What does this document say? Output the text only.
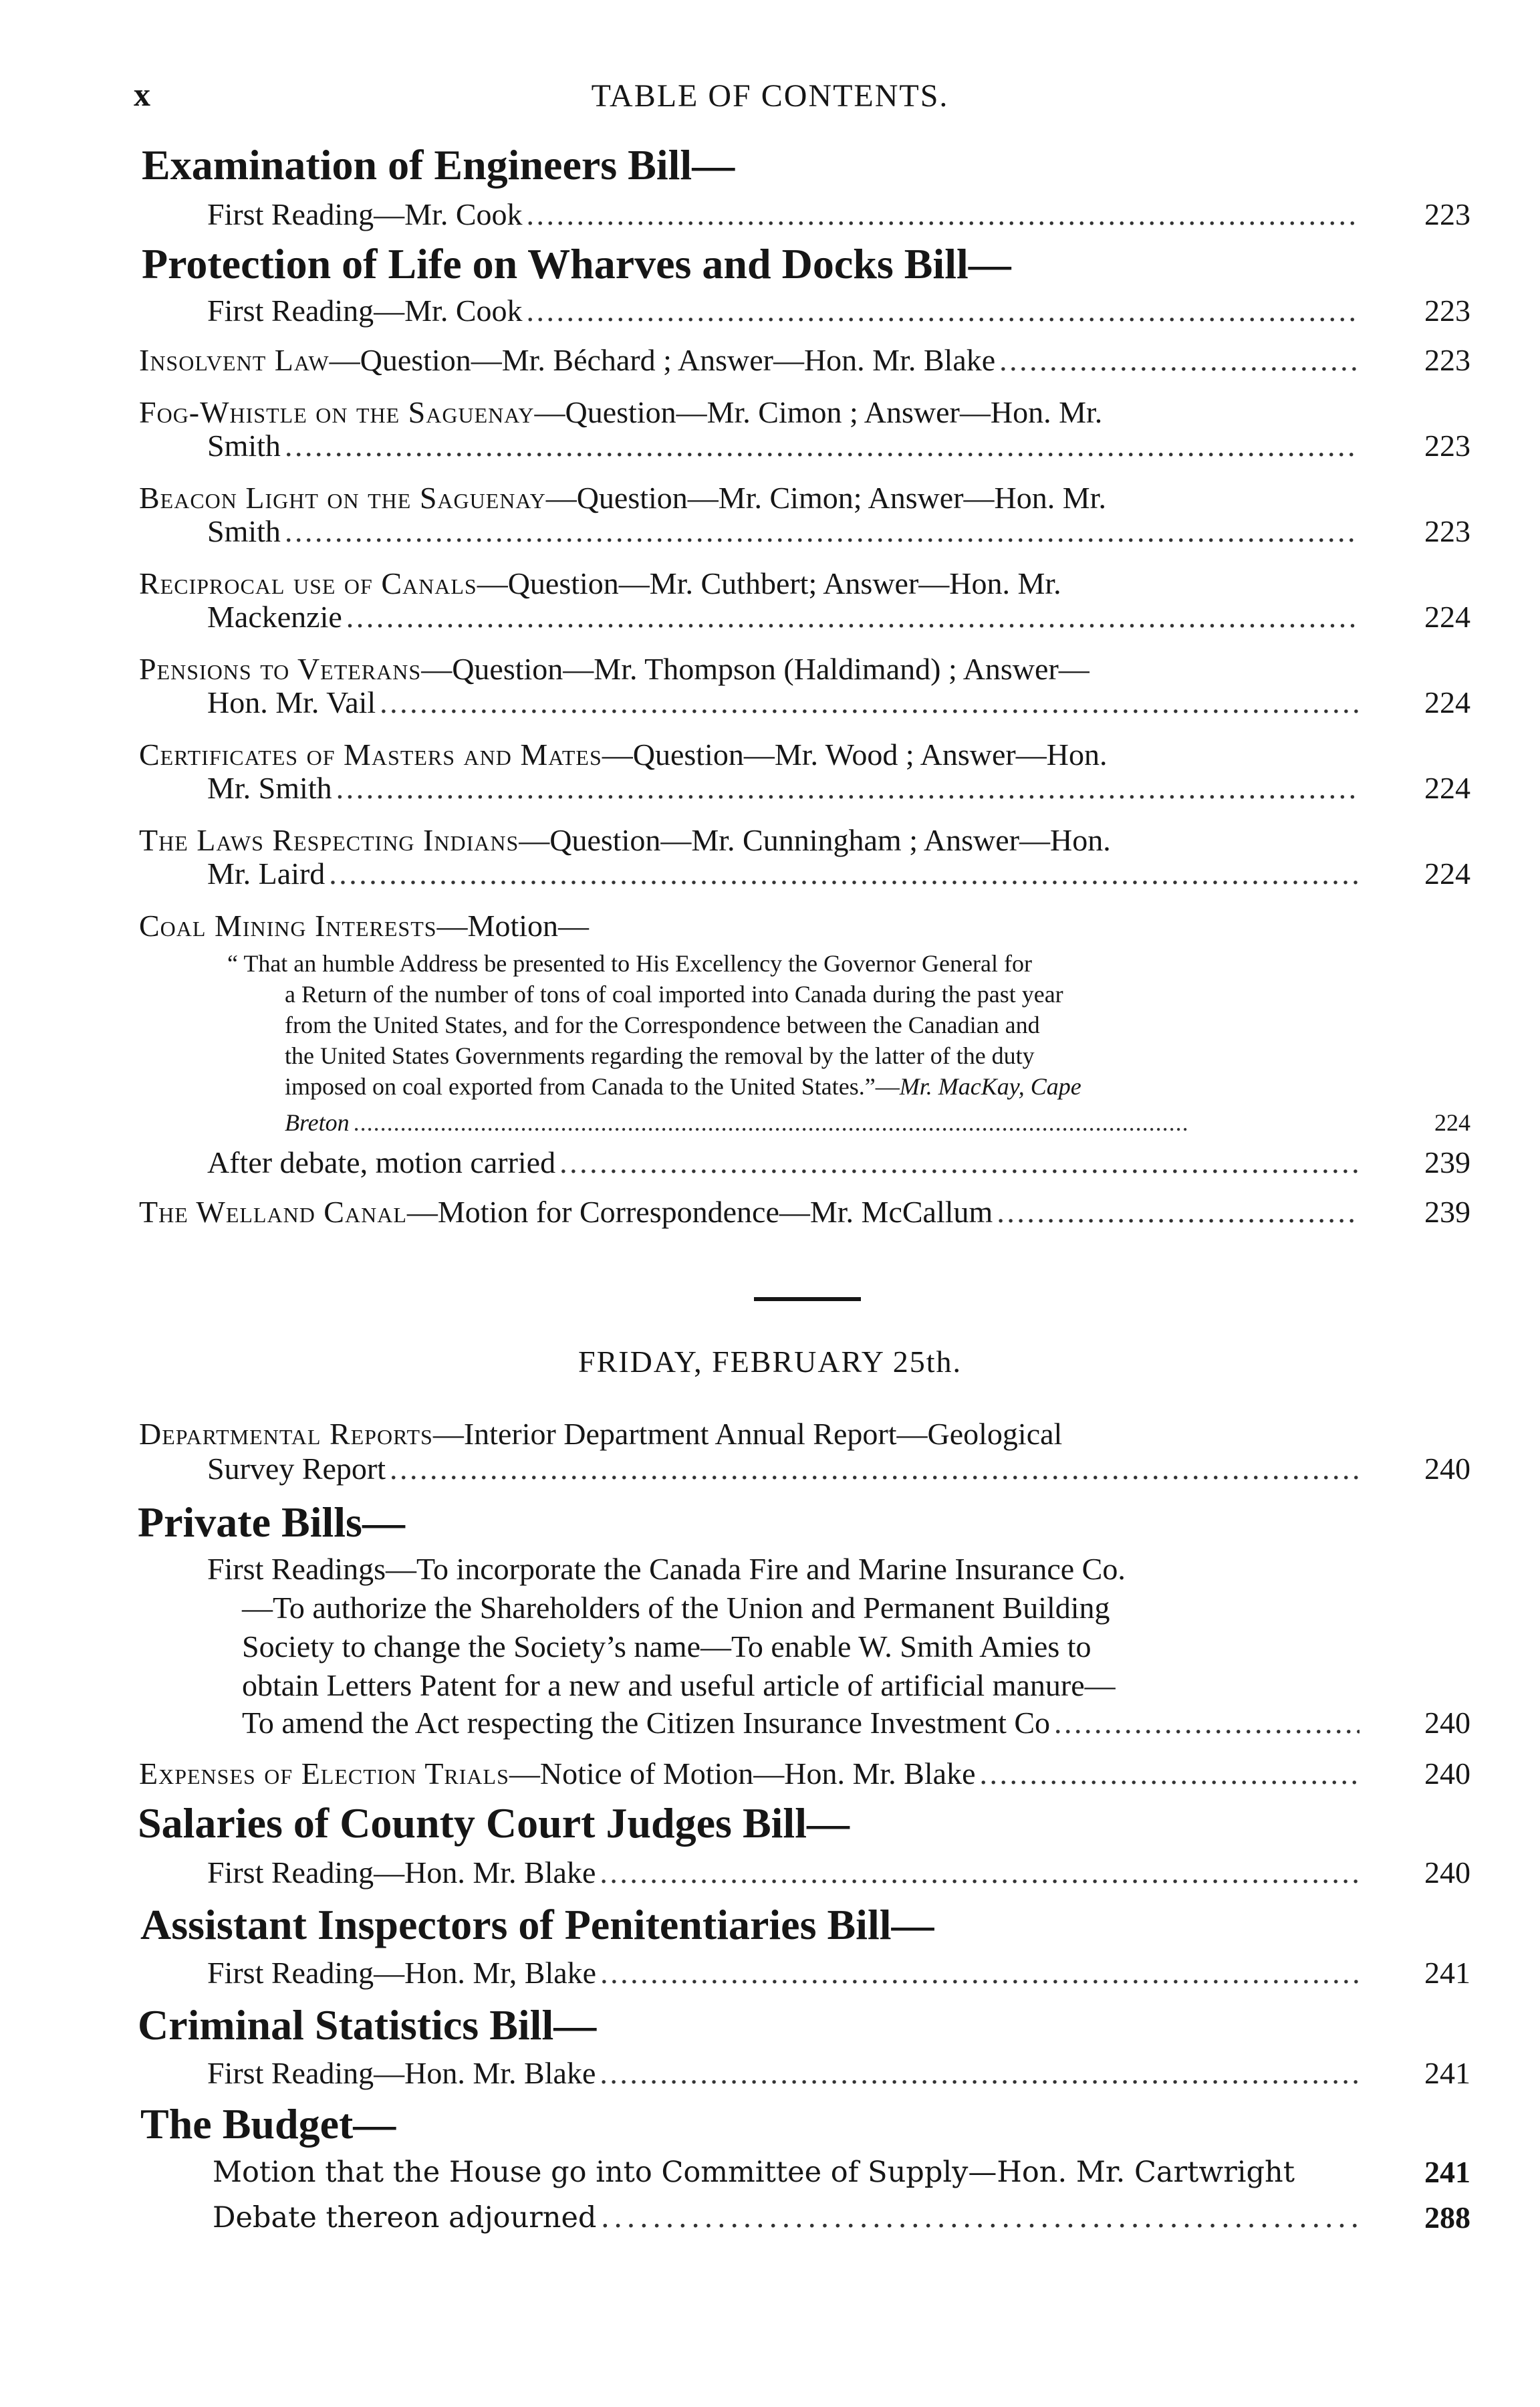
x	TABLE OF CONTENTS.
Examination of Engineers Bill—
First Reading—Mr. Cook . . .	223
Protection of Life on Wharves and Docks Bill—
First Reading—Mr. Cook . . .	223
Insolvent Law—Question—Mr. Béchard ; Answer—Hon. Mr. Blake . . .	223
Fog-Whistle on the Saguenay—Question—Mr. Cimon ; Answer—Hon. Mr.
Smith . . .	223
Beacon Light on the Saguenay—Question—Mr. Cimon; Answer—Hon. Mr.
Smith . . .	223
Reciprocal use of Canals—Question—Mr. Cuthbert; Answer—Hon. Mr.
Mackenzie . . .	224
Pensions to Veterans—Question—Mr. Thompson (Haldimand) ; Answer—
Hon. Mr. Vail . . .	224
Certificates of Masters and Mates—Question—Mr. Wood ; Answer—Hon.
Mr. Smith . . .	224
The Laws Respecting Indians—Question—Mr. Cunningham ; Answer—Hon.
Mr. Laird . . .	224
Coal Mining Interests—Motion—
“ That an humble Address be presented to His Excellency the Governor General for
a Return of the number of tons of coal imported into Canada during the past year
from the United States, and for the Correspondence between the Canadian and
the United States Governments regarding the removal by the latter of the duty
imposed on coal exported from Canada to the United States.”—Mr. MacKay, Cape
Breton . . .	224
After debate, motion carried . . .	239
The Welland Canal—Motion for Correspondence—Mr. McCallum . . .	239
FRIDAY, FEBRUARY 25th.
Departmental Reports—Interior Department Annual Report—Geological
Survey Report . . .	240
Private Bills—
First Readings—To incorporate the Canada Fire and Marine Insurance Co.
—To authorize the Shareholders of the Union and Permanent Building
Society to change the Society’s name—To enable W. Smith Amies to
obtain Letters Patent for a new and useful article of artificial manure—
To amend the Act respecting the Citizen Insurance Investment Co . . .	240
Expenses of Election Trials—Notice of Motion—Hon. Mr. Blake . . .	240
Salaries of County Court Judges Bill—
First Reading—Hon. Mr. Blake . . .	240
Assistant Inspectors of Penitentiaries Bill—
First Reading—Hon. Mr, Blake . . .	241
Criminal Statistics Bill—
First Reading—Hon. Mr. Blake . . .	241
The Budget—
Motion that the House go into Committee of Supply—Hon. Mr. Cartwright	241
Debate thereon adjourned . . .	288
